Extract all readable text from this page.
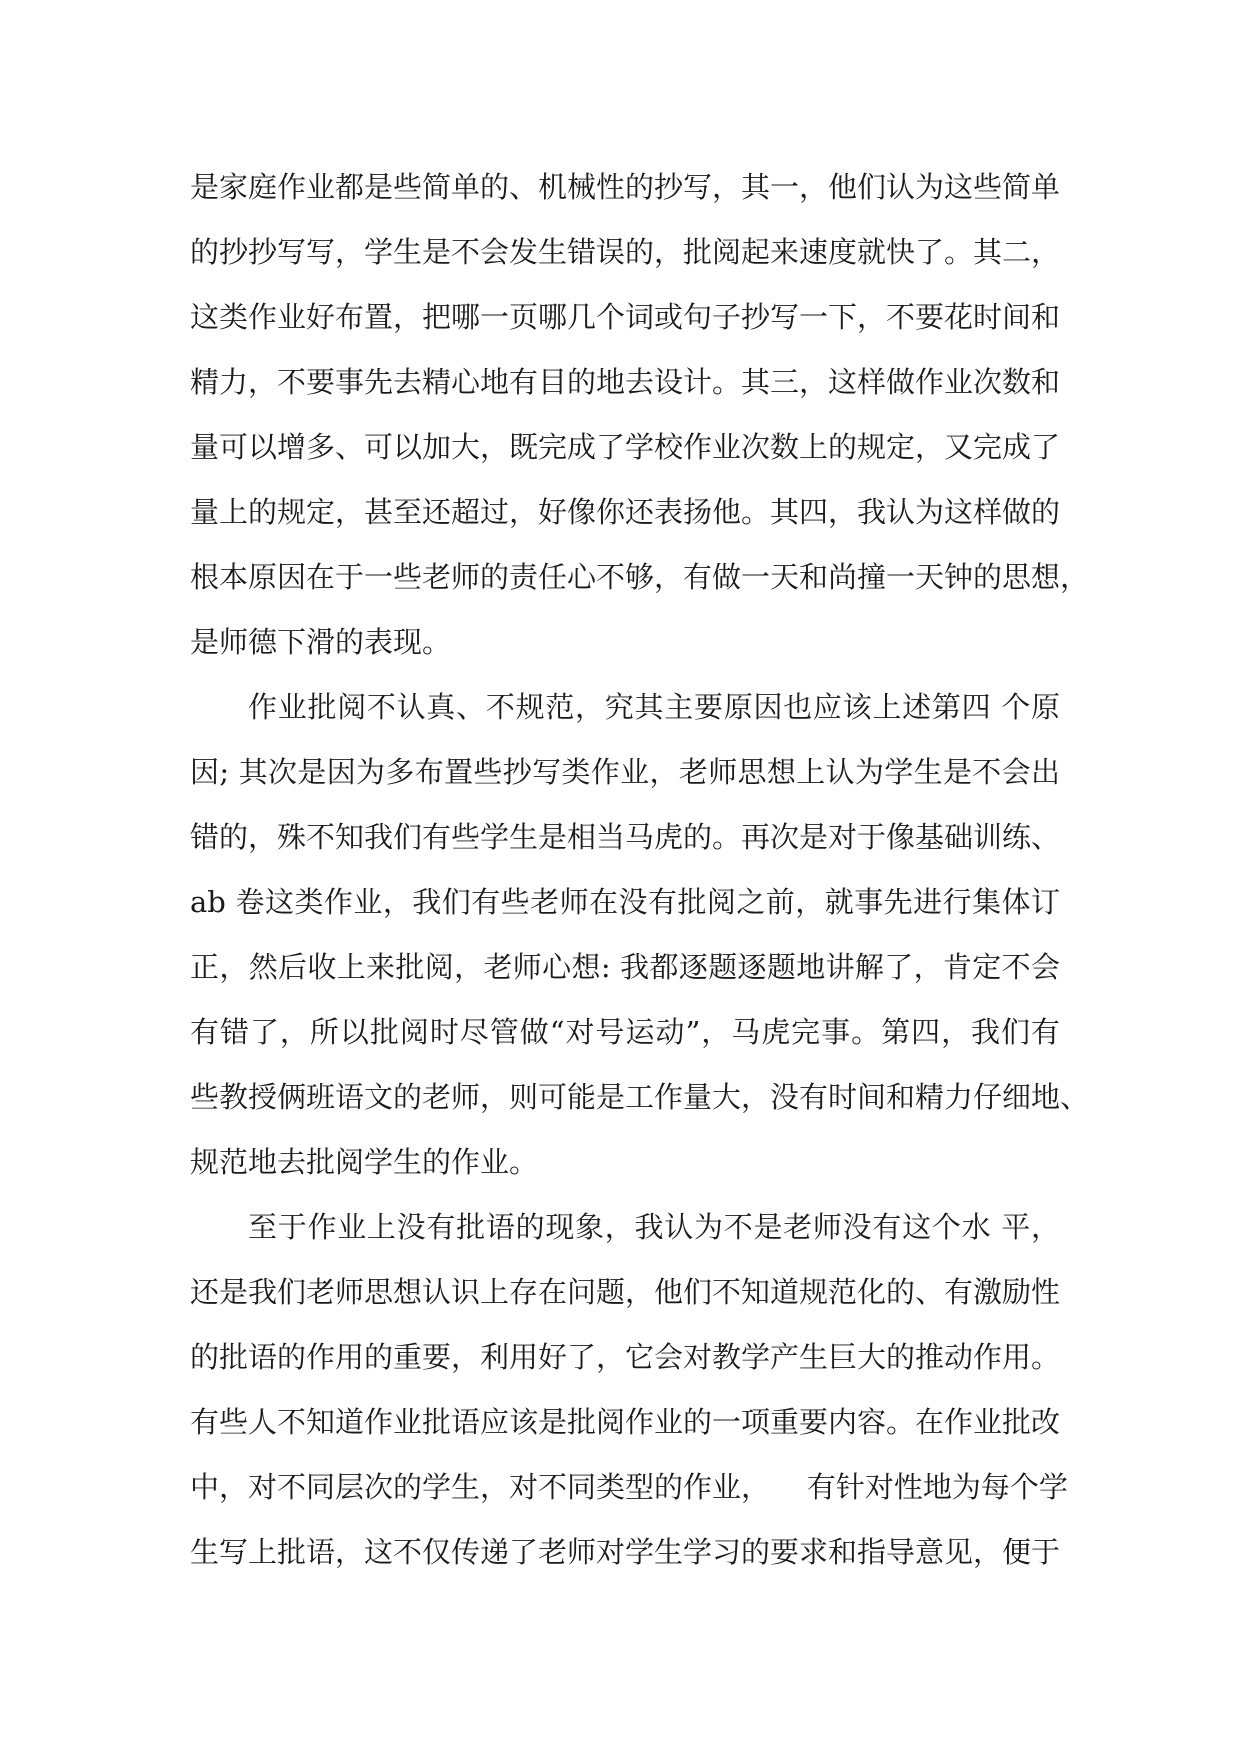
是家庭作业都是些简单的、机械性的抄写，其一，他们认为这些简单
的抄抄写写，学生是不会发生错误的，批阅起来速度就快了。其二，
这类作业好布置，把哪一页哪几个词或句子抄写一下，不要花时间和
精力，不要事先去精心地有目的地去设计。其三，这样做作业次数和
量可以增多、可以加大，既完成了学校作业次数上的规定，又完成了
量上的规定，甚至还超过，好像你还表扬他。其四，我认为这样做的
根本原因在于一些老师的责任心不够，有做一天和尚撞一天钟的思想，
是师德下滑的表现。
作业批阅不认真、不规范，究其主要原因也应该上述第四 个原
因; 其次是因为多布置些抄写类作业，老师思想上认为学生是不会出
错的，殊不知我们有些学生是相当马虎的。再次是对于像基础训练、
ab 卷这类作业，我们有些老师在没有批阅之前，就事先进行集体订
正，然后收上来批阅，老师心想: 我都逐题逐题地讲解了，肯定不会
有错了，所以批阅时尽管做“对号运动”，马虎完事。第四，我们有
些教授俩班语文的老师，则可能是工作量大，没有时间和精力仔细地、
规范地去批阅学生的作业。
至于作业上没有批语的现象，我认为不是老师没有这个水 平，
还是我们老师思想认识上存在问题，他们不知道规范化的、有激励性
的批语的作用的重要，利用好了，它会对教学产生巨大的推动作用。
有些人不知道作业批语应该是批阅作业的一项重要内容。在作业批改
中，对不同层次的学生，对不同类型的作业，    有针对性地为每个学
生写上批语，这不仅传递了老师对学生学习的要求和指导意见，便于
